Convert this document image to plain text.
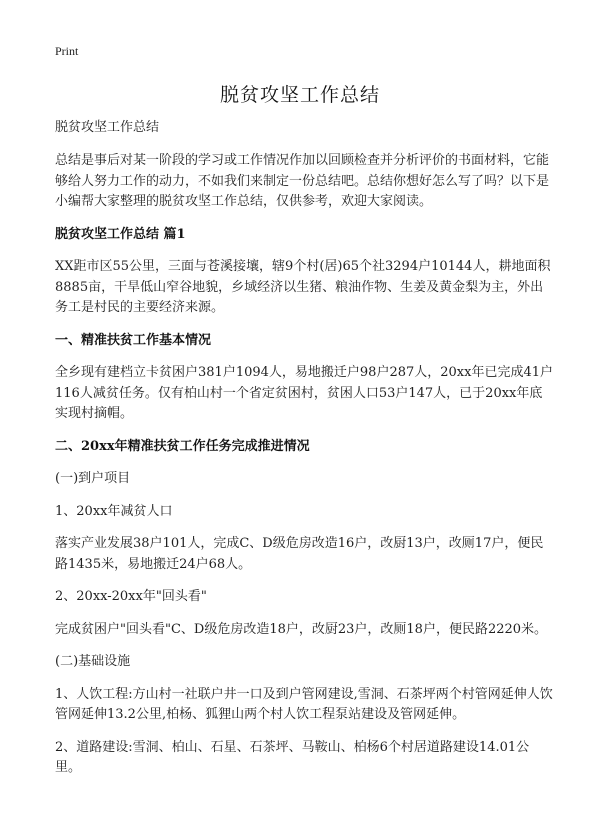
Print
脱贫攻坚工作总结

脱贫攻坚工作总结

总结是事后对某一阶段的学习或工作情况作加以回顾检查并分析评价的书面材料，它能够给人努力工作的动力，不如我们来制定一份总结吧。总结你想好怎么写了吗？以下是小编帮大家整理的脱贫攻坚工作总结，仅供参考，欢迎大家阅读。

脱贫攻坚工作总结 篇1

XX距市区55公里，三面与苍溪接壤，辖9个村(居)65个社3294户10144人，耕地面积8885亩，干旱低山窄谷地貌，乡域经济以生猪、粮油作物、生姜及黄金梨为主，外出务工是村民的主要经济来源。

一、精准扶贫工作基本情况

全乡现有建档立卡贫困户381户1094人，易地搬迁户98户287人，20xx年已完成41户116人减贫任务。仅有柏山村一个省定贫困村，贫困人口53户147人，已于20xx年底实现村摘帽。

二、20xx年精准扶贫工作任务完成推进情况

(一)到户项目

1、20xx年减贫人口

落实产业发展38户101人，完成C、D级危房改造16户，改厨13户，改厕17户，便民路1435米，易地搬迁24户68人。

2、20xx-20xx年"回头看"

完成贫困户"回头看"C、D级危房改造18户，改厨23户，改厕18户，便民路2220米。

(二)基础设施

1、人饮工程:方山村一社联户井一口及到户管网建设,雪洞、石茶坪两个村管网延伸人饮管网延伸13.2公里,柏杨、狐狸山两个村人饮工程泵站建设及管网延伸。

2、道路建设:雪洞、柏山、石星、石茶坪、马鞍山、柏杨6个村居道路建设14.01公里。
